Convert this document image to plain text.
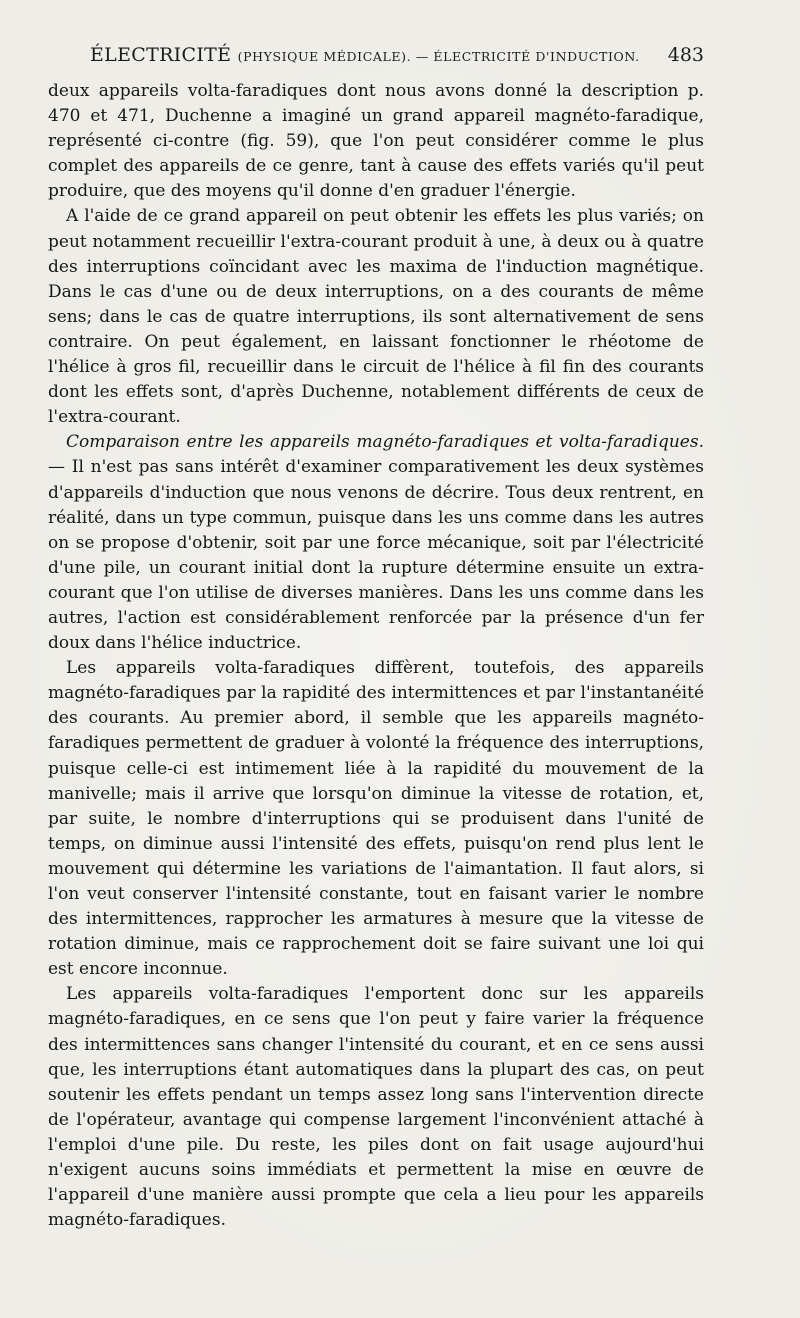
ÉLECTRICITÉ (PHYSIQUE MÉDICALE). — ÉLECTRICITÉ D'INDUCTION. 483

deux appareils volta-faradiques dont nous avons donné la description p. 470 et 471, Duchenne a imaginé un grand appareil magnéto-faradique, représenté ci-contre (fig. 59), que l'on peut considérer comme le plus complet des appareils de ce genre, tant à cause des effets variés qu'il peut produire, que des moyens qu'il donne d'en graduer l'énergie.

A l'aide de ce grand appareil on peut obtenir les effets les plus variés; on peut notamment recueillir l'extra-courant produit à une, à deux ou à quatre des interruptions coïncidant avec les maxima de l'induction magnétique. Dans le cas d'une ou de deux interruptions, on a des courants de même sens; dans le cas de quatre interruptions, ils sont alternativement de sens contraire. On peut également, en laissant fonctionner le rhéotome de l'hélice à gros fil, recueillir dans le circuit de l'hélice à fil fin des courants dont les effets sont, d'après Duchenne, notablement différents de ceux de l'extra-courant.

Comparaison entre les appareils magnéto-faradiques et volta-faradiques. — Il n'est pas sans intérêt d'examiner comparativement les deux systèmes d'appareils d'induction que nous venons de décrire. Tous deux rentrent, en réalité, dans un type commun, puisque dans les uns comme dans les autres on se propose d'obtenir, soit par une force mécanique, soit par l'électricité d'une pile, un courant initial dont la rupture détermine ensuite un extra-courant que l'on utilise de diverses manières. Dans les uns comme dans les autres, l'action est considérablement renforcée par la présence d'un fer doux dans l'hélice inductrice.

Les appareils volta-faradiques diffèrent, toutefois, des appareils magnéto-faradiques par la rapidité des intermittences et par l'instantanéité des courants. Au premier abord, il semble que les appareils magnéto-faradiques permettent de graduer à volonté la fréquence des interruptions, puisque celle-ci est intimement liée à la rapidité du mouvement de la manivelle; mais il arrive que lorsqu'on diminue la vitesse de rotation, et, par suite, le nombre d'interruptions qui se produisent dans l'unité de temps, on diminue aussi l'intensité des effets, puisqu'on rend plus lent le mouvement qui détermine les variations de l'aimantation. Il faut alors, si l'on veut conserver l'intensité constante, tout en faisant varier le nombre des intermittences, rapprocher les armatures à mesure que la vitesse de rotation diminue, mais ce rapprochement doit se faire suivant une loi qui est encore inconnue.

Les appareils volta-faradiques l'emportent donc sur les appareils magnéto-faradiques, en ce sens que l'on peut y faire varier la fréquence des intermittences sans changer l'intensité du courant, et en ce sens aussi que, les interruptions étant automatiques dans la plupart des cas, on peut soutenir les effets pendant un temps assez long sans l'intervention directe de l'opérateur, avantage qui compense largement l'inconvénient attaché à l'emploi d'une pile. Du reste, les piles dont on fait usage aujourd'hui n'exigent aucuns soins immédiats et permettent la mise en œuvre de l'appareil d'une manière aussi prompte que cela a lieu pour les appareils magnéto-faradiques.
